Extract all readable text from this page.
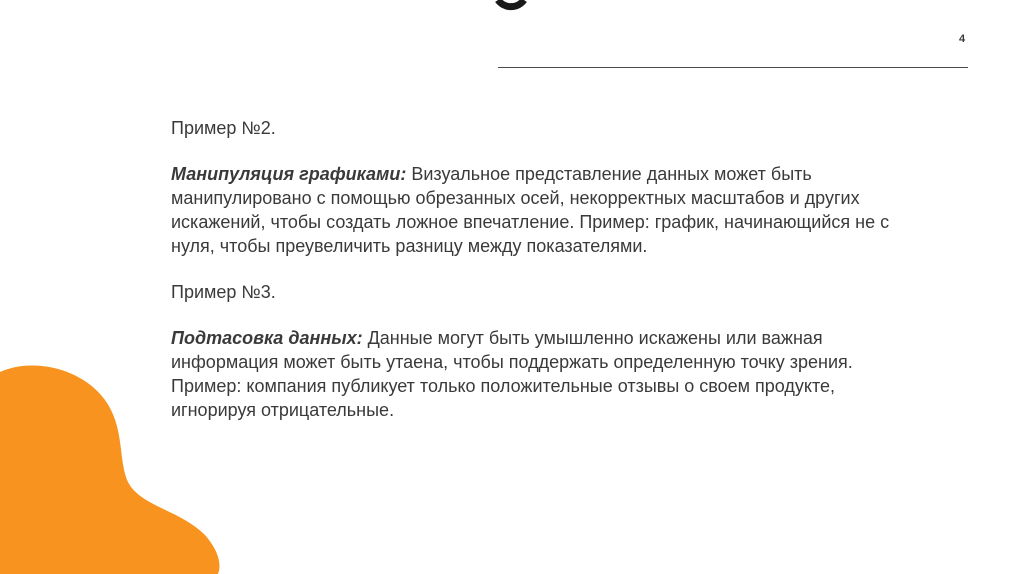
4

Пример №2.

Манипуляция графиками: Визуальное представление данных может быть манипулировано с помощью обрезанных осей, некорректных масштабов и других искажений, чтобы создать ложное впечатление. Пример: график, начинающийся не с нуля, чтобы преувеличить разницу между показателями.

Пример №3.

Подтасовка данных: Данные могут быть умышленно искажены или важная информация может быть утаена, чтобы поддержать определенную точку зрения. Пример: компания публикует только положительные отзывы о своем продукте, игнорируя отрицательные.
